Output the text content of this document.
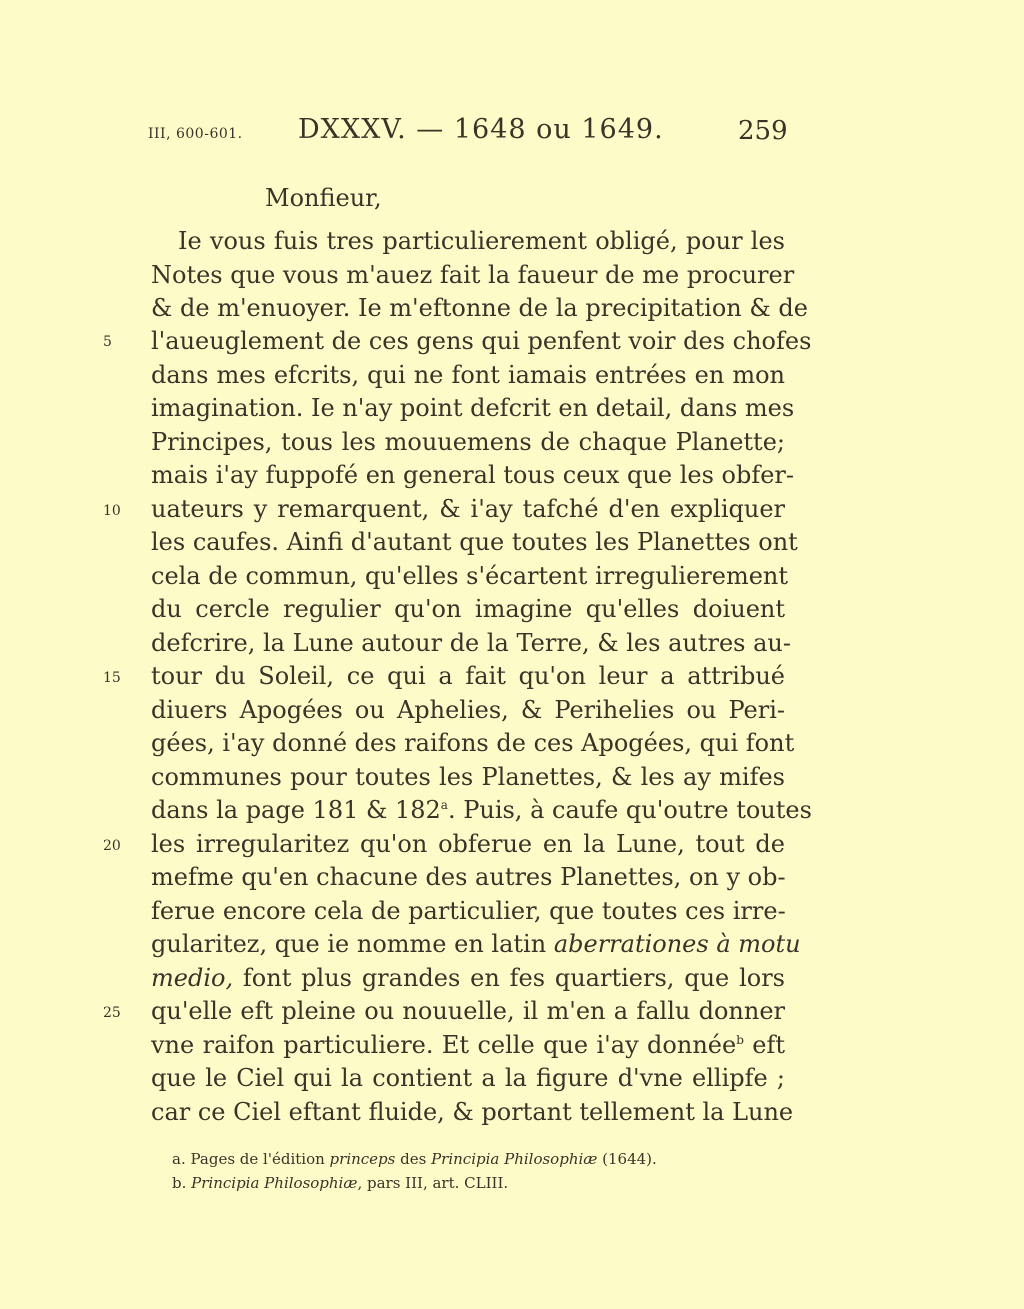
III, 600-601. DXXXV. — 1648 ou 1649.	259
Monfieur,
Ie vous fuis tres particulierement obligé, pour les
Notes que vous m'auez fait la faueur de me procurer
& de m'enuoyer. Ie m'eftonne de la precipitation & de
5	l'aueuglement de ces gens qui penfent voir des chofes
dans mes efcrits, qui ne font iamais entrées en mon
imagination. Ie n'ay point defcrit en detail, dans mes
Principes, tous les mouuemens de chaque Planette;
mais i'ay fuppofé en general tous ceux que les obfer-
10	uateurs y remarquent, & i'ay tafché d'en expliquer
les caufes. Ainfi d'autant que toutes les Planettes ont
cela de commun, qu'elles s'écartent irregulierement
du cercle regulier qu'on imagine qu'elles doiuent
defcrire, la Lune autour de la Terre, & les autres au-
15	tour du Soleil, ce qui a fait qu'on leur a attribué
diuers Apogées ou Aphelies, & Perihelies ou Peri-
gées, i'ay donné des raifons de ces Apogées, qui font
communes pour toutes les Planettes, & les ay mifes
dans la page 181 & 182$^a$. Puis, à caufe qu'outre toutes
20	les irregularitez qu'on obferue en la Lune, tout de
mefme qu'en chacune des autres Planettes, on y ob-
ferue encore cela de particulier, que toutes ces irre-
gularitez, que ie nomme en latin aberrationes à motu
medio, font plus grandes en fes quartiers, que lors
25	qu'elle eft pleine ou nouuelle, il m'en a fallu donner
vne raifon particuliere. Et celle que i'ay donnée$^b$ eft
que le Ciel qui la contient a la figure d'vne ellipfe ;
car ce Ciel eftant fluide, & portant tellement la Lune
a. Pages de l'édition princeps des Principia Philosophiæ (1644).
b. Principia Philosophiæ, pars III, art. CLIII.
